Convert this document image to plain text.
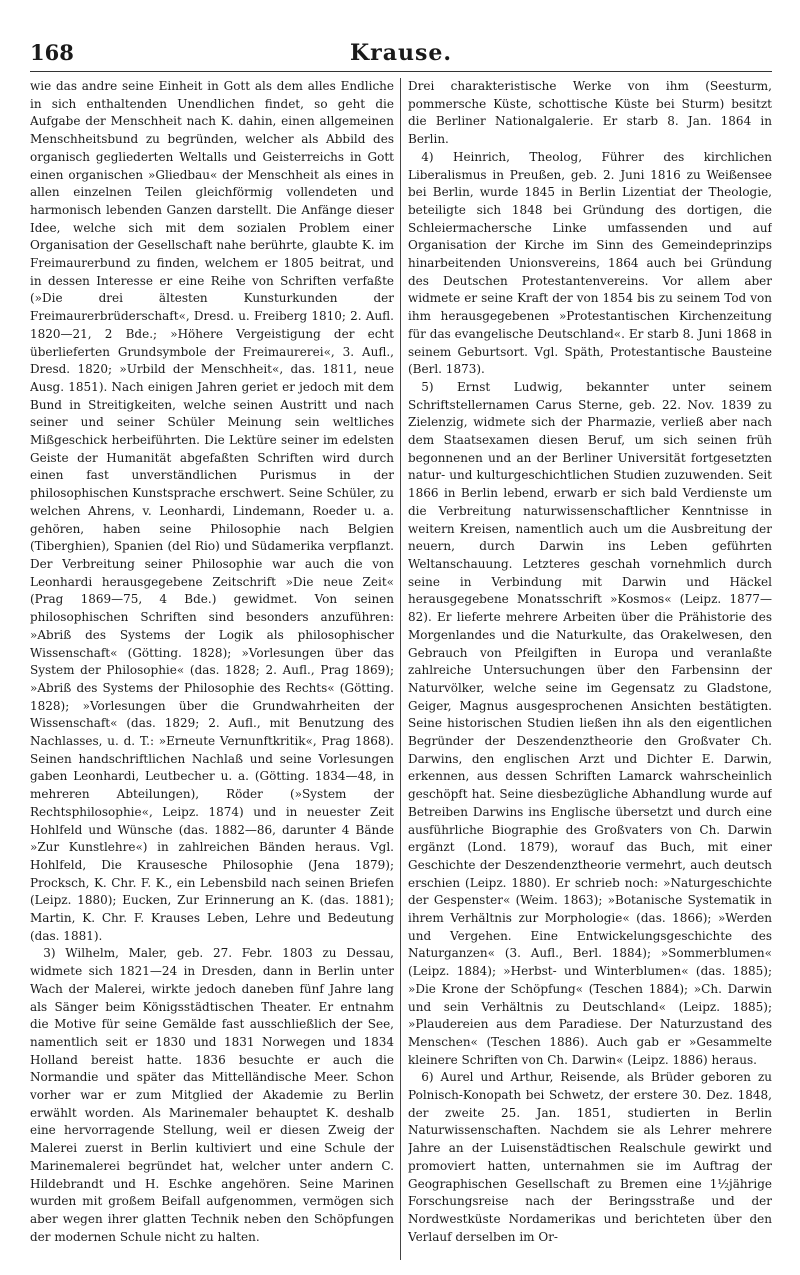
168	Krause.

wie das andre seine Einheit in Gott als dem alles Endliche in sich enthaltenden Unendlichen findet, so geht die Aufgabe der Menschheit nach K. dahin, einen allgemeinen Menschheitsbund zu begründen, welcher als Abbild des organisch gegliederten Weltalls und Geisterreichs in Gott einen organischen »Gliedbau« der Menschheit als eines in allen einzelnen Teilen gleichförmig vollendeten und harmonisch lebenden Ganzen darstellt. Die Anfänge dieser Idee, welche sich mit dem sozialen Problem einer Organisation der Gesellschaft nahe berührte, glaubte K. im Freimaurerbund zu finden, welchem er 1805 beitrat, und in dessen Interesse er eine Reihe von Schriften verfaßte (»Die drei ältesten Kunsturkunden der Freimaurerbrüderschaft«, Dresd. u. Freiberg 1810; 2. Aufl. 1820—21, 2 Bde.; »Höhere Vergeistigung der echt überlieferten Grundsymbole der Freimaurerei«, 3. Aufl., Dresd. 1820; »Urbild der Menschheit«, das. 1811, neue Ausg. 1851). Nach einigen Jahren geriet er jedoch mit dem Bund in Streitigkeiten, welche seinen Austritt und nach seiner und seiner Schüler Meinung sein weltliches Mißgeschick herbeiführten. Die Lektüre seiner im edelsten Geiste der Humanität abgefaßten Schriften wird durch einen fast unverständlichen Purismus in der philosophischen Kunstsprache erschwert. Seine Schüler, zu welchen Ahrens, v. Leonhardi, Lindemann, Roeder u. a. gehören, haben seine Philosophie nach Belgien (Tiberghien), Spanien (del Rio) und Südamerika verpflanzt. Der Verbreitung seiner Philosophie war auch die von Leonhardi herausgegebene Zeitschrift »Die neue Zeit« (Prag 1869—75, 4 Bde.) gewidmet. Von seinen philosophischen Schriften sind besonders anzuführen: »Abriß des Systems der Logik als philosophischer Wissenschaft« (Götting. 1828); »Vorlesungen über das System der Philosophie« (das. 1828; 2. Aufl., Prag 1869); »Abriß des Systems der Philosophie des Rechts« (Götting. 1828); »Vorlesungen über die Grundwahrheiten der Wissenschaft« (das. 1829; 2. Aufl., mit Benutzung des Nachlasses, u. d. T.: »Erneute Vernunftkritik«, Prag 1868). Seinen handschriftlichen Nachlaß und seine Vorlesungen gaben Leonhardi, Leutbecher u. a. (Götting. 1834—48, in mehreren Abteilungen), Röder (»System der Rechtsphilosophie«, Leipz. 1874) und in neuester Zeit Hohlfeld und Wünsche (das. 1882—86, darunter 4 Bände »Zur Kunstlehre«) in zahlreichen Bänden heraus. Vgl. Hohlfeld, Die Krausesche Philosophie (Jena 1879); Procksch, K. Chr. F. K., ein Lebensbild nach seinen Briefen (Leipz. 1880); Eucken, Zur Erinnerung an K. (das. 1881); Martin, K. Chr. F. Krauses Leben, Lehre und Bedeutung (das. 1881).

3) Wilhelm, Maler, geb. 27. Febr. 1803 zu Dessau, widmete sich 1821—24 in Dresden, dann in Berlin unter Wach der Malerei, wirkte jedoch daneben fünf Jahre lang als Sänger beim Königsstädtischen Theater. Er entnahm die Motive für seine Gemälde fast ausschließlich der See, namentlich seit er 1830 und 1831 Norwegen und 1834 Holland bereist hatte. 1836 besuchte er auch die Normandie und später das Mittelländische Meer. Schon vorher war er zum Mitglied der Akademie zu Berlin erwählt worden. Als Marinemaler behauptet K. deshalb eine hervorragende Stellung, weil er diesen Zweig der Malerei zuerst in Berlin kultiviert und eine Schule der Marinemalerei begründet hat, welcher unter andern C. Hildebrandt und H. Eschke angehören. Seine Marinen wurden mit großem Beifall aufgenommen, vermögen sich aber wegen ihrer glatten Technik neben den Schöpfungen der modernen Schule nicht zu halten.

Drei charakteristische Werke von ihm (Seesturm, pommersche Küste, schottische Küste bei Sturm) besitzt die Berliner Nationalgalerie. Er starb 8. Jan. 1864 in Berlin.

4) Heinrich, Theolog, Führer des kirchlichen Liberalismus in Preußen, geb. 2. Juni 1816 zu Weißensee bei Berlin, wurde 1845 in Berlin Lizentiat der Theologie, beteiligte sich 1848 bei Gründung des dortigen, die Schleiermachersche Linke umfassenden und auf Organisation der Kirche im Sinn des Gemeindeprinzips hinarbeitenden Unionsvereins, 1864 auch bei Gründung des Deutschen Protestantenvereins. Vor allem aber widmete er seine Kraft der von 1854 bis zu seinem Tod von ihm herausgegebenen »Protestantischen Kirchenzeitung für das evangelische Deutschland«. Er starb 8. Juni 1868 in seinem Geburtsort. Vgl. Späth, Protestantische Bausteine (Berl. 1873).

5) Ernst Ludwig, bekannter unter seinem Schriftstellernamen Carus Sterne, geb. 22. Nov. 1839 zu Zielenzig, widmete sich der Pharmazie, verließ aber nach dem Staatsexamen diesen Beruf, um sich seinen früh begonnenen und an der Berliner Universität fortgesetzten natur- und kulturgeschichtlichen Studien zuzuwenden. Seit 1866 in Berlin lebend, erwarb er sich bald Verdienste um die Verbreitung naturwissenschaftlicher Kenntnisse in weitern Kreisen, namentlich auch um die Ausbreitung der neuern, durch Darwin ins Leben geführten Weltanschauung. Letzteres geschah vornehmlich durch seine in Verbindung mit Darwin und Häckel herausgegebene Monatsschrift »Kosmos« (Leipz. 1877—82). Er lieferte mehrere Arbeiten über die Prähistorie des Morgenlandes und die Naturkulte, das Orakelwesen, den Gebrauch von Pfeilgiften in Europa und veranlaßte zahlreiche Untersuchungen über den Farbensinn der Naturvölker, welche seine im Gegensatz zu Gladstone, Geiger, Magnus ausgesprochenen Ansichten bestätigten. Seine historischen Studien ließen ihn als den eigentlichen Begründer der Deszendenztheorie den Großvater Ch. Darwins, den englischen Arzt und Dichter E. Darwin, erkennen, aus dessen Schriften Lamarck wahrscheinlich geschöpft hat. Seine diesbezügliche Abhandlung wurde auf Betreiben Darwins ins Englische übersetzt und durch eine ausführliche Biographie des Großvaters von Ch. Darwin ergänzt (Lond. 1879), worauf das Buch, mit einer Geschichte der Deszendenztheorie vermehrt, auch deutsch erschien (Leipz. 1880). Er schrieb noch: »Naturgeschichte der Gespenster« (Weim. 1863); »Botanische Systematik in ihrem Verhältnis zur Morphologie« (das. 1866); »Werden und Vergehen. Eine Entwickelungsgeschichte des Naturganzen« (3. Aufl., Berl. 1884); »Sommerblumen« (Leipz. 1884); »Herbst- und Winterblumen« (das. 1885); »Die Krone der Schöpfung« (Teschen 1884); »Ch. Darwin und sein Verhältnis zu Deutschland« (Leipz. 1885); »Plaudereien aus dem Paradiese. Der Naturzustand des Menschen« (Teschen 1886). Auch gab er »Gesammelte kleinere Schriften von Ch. Darwin« (Leipz. 1886) heraus.

6) Aurel und Arthur, Reisende, als Brüder geboren zu Polnisch-Konopath bei Schwetz, der erstere 30. Dez. 1848, der zweite 25. Jan. 1851, studierten in Berlin Naturwissenschaften. Nachdem sie als Lehrer mehrere Jahre an der Luisenstädtischen Realschule gewirkt und promoviert hatten, unternahmen sie im Auftrag der Geographischen Gesellschaft zu Bremen eine 1½jährige Forschungsreise nach der Beringsstraße und der Nordwestküste Nordamerikas und berichteten über den Verlauf derselben im Or-
